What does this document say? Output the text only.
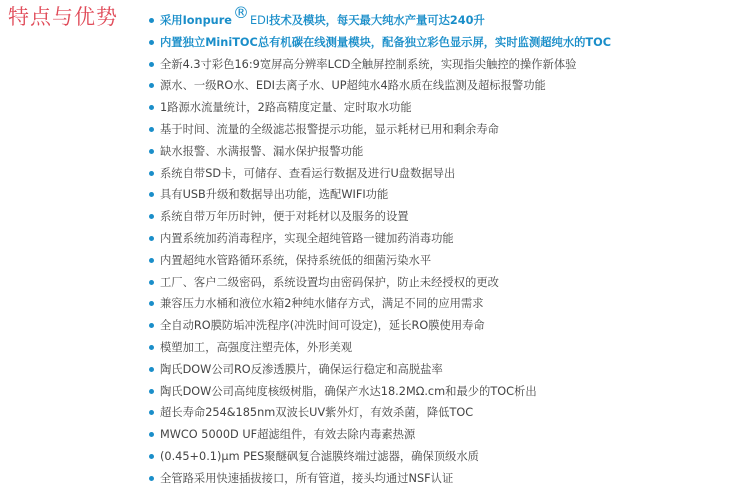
特点与优势	采用Ionpure®EDI技术及模块，每天最大纯水产量可达240升
内置独立MiniTOC总有机碳在线测量模块，配备独立彩色显示屏，实时监测超纯水的TOC
全新4.3寸彩色16:9宽屏高分辨率LCD全触屏控制系统，实现指尖触控的操作新体验
源水、一级RO水、EDI去离子水、UP超纯水4路水质在线监测及超标报警功能
1路源水流量统计，2路高精度定量、定时取水功能
基于时间、流量的全级滤芯报警提示功能，显示耗材已用和剩余寿命
缺水报警、水满报警、漏水保护报警功能
系统自带SD卡，可储存、查看运行数据及进行U盘数据导出
具有USB升级和数据导出功能，选配WIFI功能
系统自带万年历时钟，便于对耗材以及服务的设置
内置系统加药消毒程序，实现全超纯管路一键加药消毒功能
内置超纯水管路循环系统，保持系统低的细菌污染水平
工厂、客户二级密码，系统设置均由密码保护，防止未经授权的更改
兼容压力水桶和液位水箱2种纯水储存方式，满足不同的应用需求
全自动RO膜防垢冲洗程序(冲洗时间可设定)，延长RO膜使用寿命
模塑加工，高强度注塑壳体，外形美观
陶氏DOW公司RO反渗透膜片，确保运行稳定和高脱盐率
陶氏DOW公司高纯度核级树脂，确保产水达18.2MΩ.cm和最少的TOC析出
超长寿命254&185nm双波长UV紫外灯，有效杀菌，降低TOC
MWCO 5000D UF超滤组件，有效去除内毒素热源
(0.45+0.1)µm PES聚醚砜复合滤膜终端过滤器，确保顶级水质
全管路采用快速插拔接口，所有管道，接头均通过NSF认证
